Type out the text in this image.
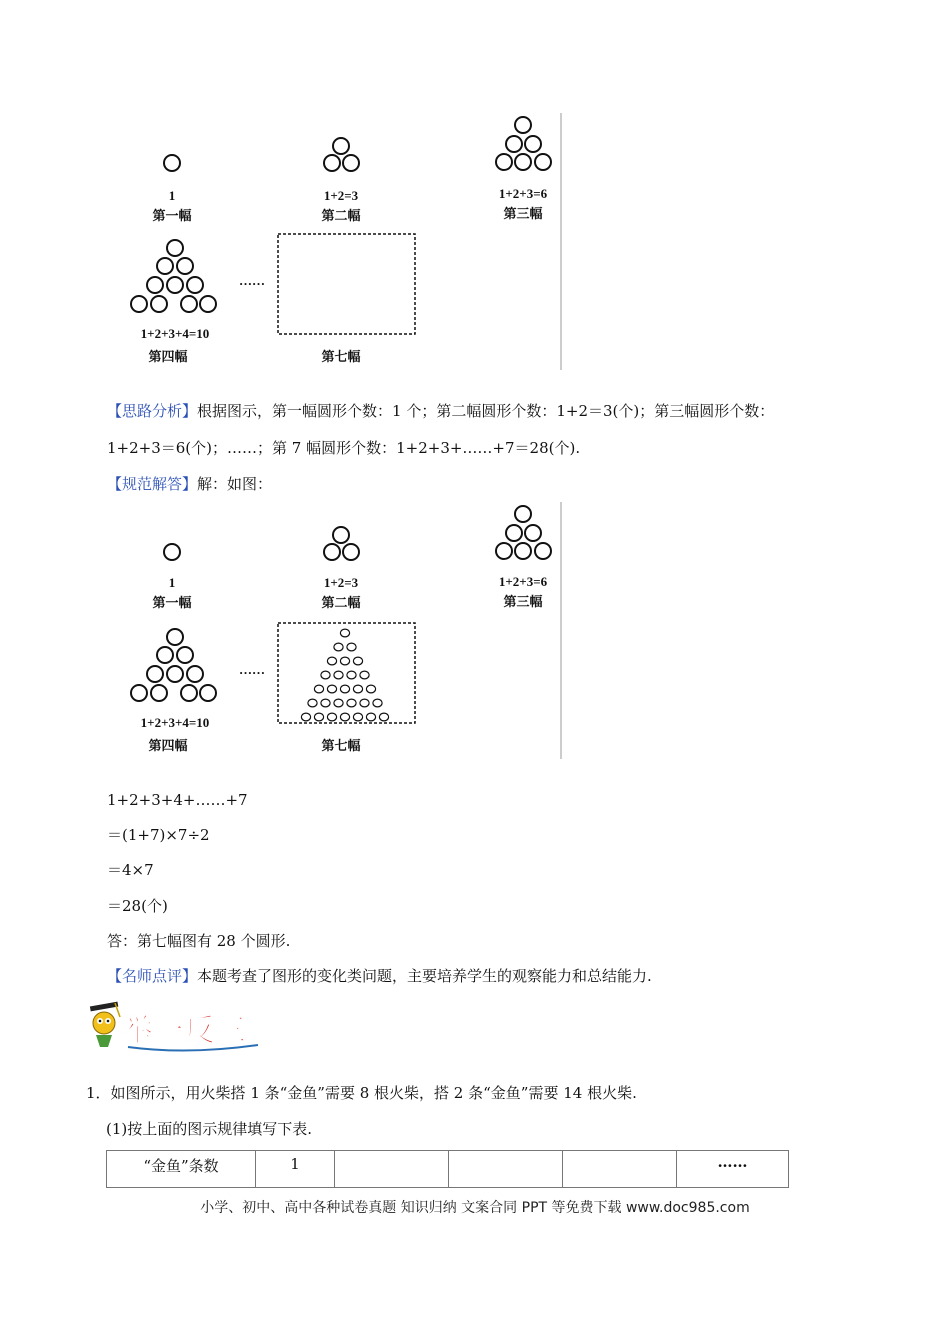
1
第一幅
1+2=3
第二幅
1+2+3=6
第三幅
1+2+3+4=10
第四幅
……
第七幅
【思路分析】根据图示，第一幅圆形个数：1 个；第二幅圆形个数：1+2＝3(个)；第三幅圆形个数：
1+2+3＝6(个)；……；第 7 幅圆形个数：1+2+3+……+7＝28(个).
【规范解答】解：如图：
1
第一幅
1+2=3
第二幅
1+2+3=6
第三幅
1+2+3+4=10
第四幅
……
第七幅
1+2+3+4+……+7
＝(1+7)×7÷2
＝4×7
＝28(个)
答：第七幅图有 28 个圆形.
【名师点评】本题考查了图形的变化类问题，主要培养学生的观察能力和总结能力.
举一反三
1．如图所示，用火柴搭 1 条“金鱼”需要 8 根火柴，搭 2 条“金鱼”需要 14 根火柴.
(1)按上面的图示规律填写下表.
“金鱼”条数	1				……
小学、初中、高中各种试卷真题 知识归纳 文案合同 PPT 等免费下载 www.doc985.com
